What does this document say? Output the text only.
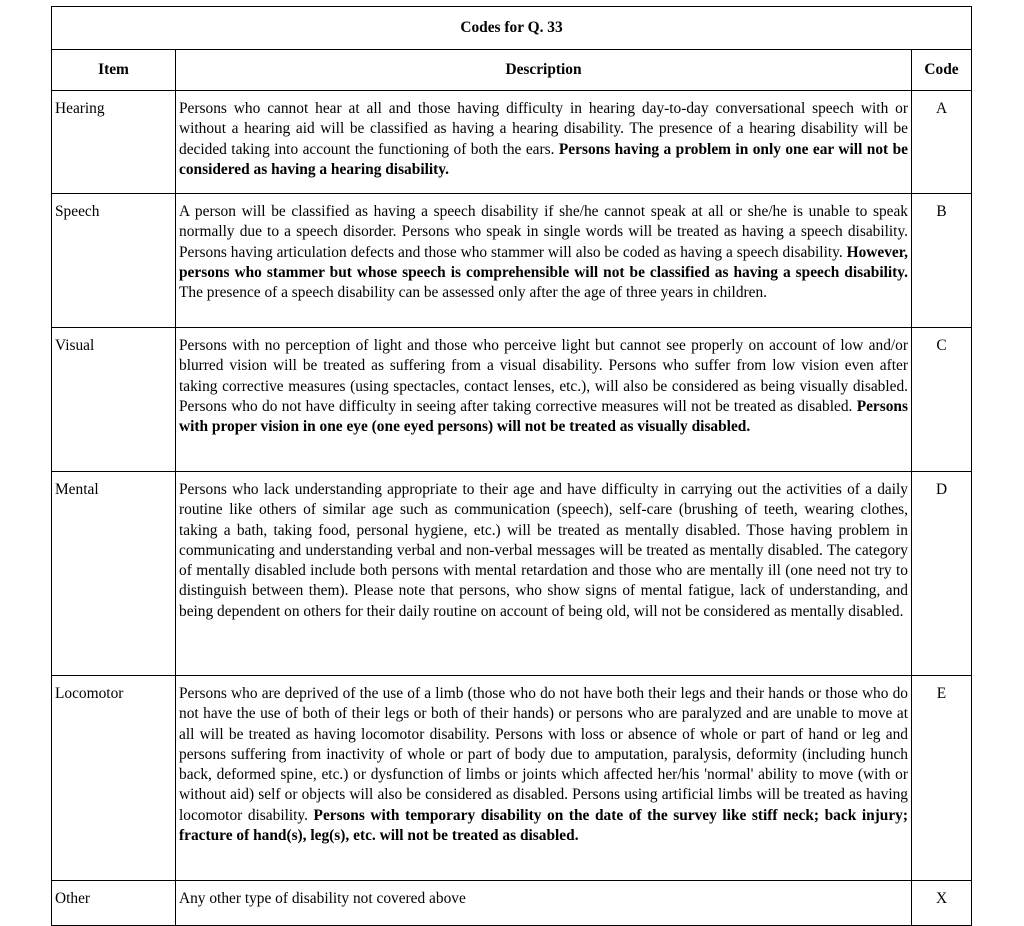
Codes for Q. 33		
Item	Description	Code
Hearing	Persons who cannot hear at all and those having difficulty in hearing day-to-day conversational speech with or without a hearing aid will be classified as having a hearing disability. The presence of a hearing disability will be decided taking into account the functioning of both the ears. Persons having a problem in only one ear will not be considered as having a hearing disability.	A
Speech	A person will be classified as having a speech disability if she/he cannot speak at all or she/he is unable to speak normally due to a speech disorder. Persons who speak in single words will be treated as having a speech disability. Persons having articulation defects and those who stammer will also be coded as having a speech disability. However, persons who stammer but whose speech is comprehensible will not be classified as having a speech disability. The presence of a speech disability can be assessed only after the age of three years in children.	B
Visual	Persons with no perception of light and those who perceive light but cannot see properly on account of low and/or blurred vision will be treated as suffering from a visual disability. Persons who suffer from low vision even after taking corrective measures (using spectacles, contact lenses, etc.), will also be considered as being visually disabled. Persons who do not have difficulty in seeing after taking corrective measures will not be treated as disabled. Persons with proper vision in one eye (one eyed persons) will not be treated as visually disabled.	C
Mental	Persons who lack understanding appropriate to their age and have difficulty in carrying out the activities of a daily routine like others of similar age such as communication (speech), self-care (brushing of teeth, wearing clothes, taking a bath, taking food, personal hygiene, etc.) will be treated as mentally disabled. Those having problem in communicating and understanding verbal and non-verbal messages will be treated as mentally disabled. The category of mentally disabled include both persons with mental retardation and those who are mentally ill (one need not try to distinguish between them). Please note that persons, who show signs of mental fatigue, lack of understanding, and being dependent on others for their daily routine on account of being old, will not be considered as mentally disabled.	D
Locomotor	Persons who are deprived of the use of a limb (those who do not have both their legs and their hands or those who do not have the use of both of their legs or both of their hands) or persons who are paralyzed and are unable to move at all will be treated as having locomotor disability. Persons with loss or absence of whole or part of hand or leg and persons suffering from inactivity of whole or part of body due to amputation, paralysis, deformity (including hunch back, deformed spine, etc.) or dysfunction of limbs or joints which affected her/his 'normal' ability to move (with or without aid) self or objects will also be considered as disabled. Persons using artificial limbs will be treated as having locomotor disability. Persons with temporary disability on the date of the survey like stiff neck; back injury; fracture of hand(s), leg(s), etc. will not be treated as disabled.	E
Other	Any other type of disability not covered above	X
